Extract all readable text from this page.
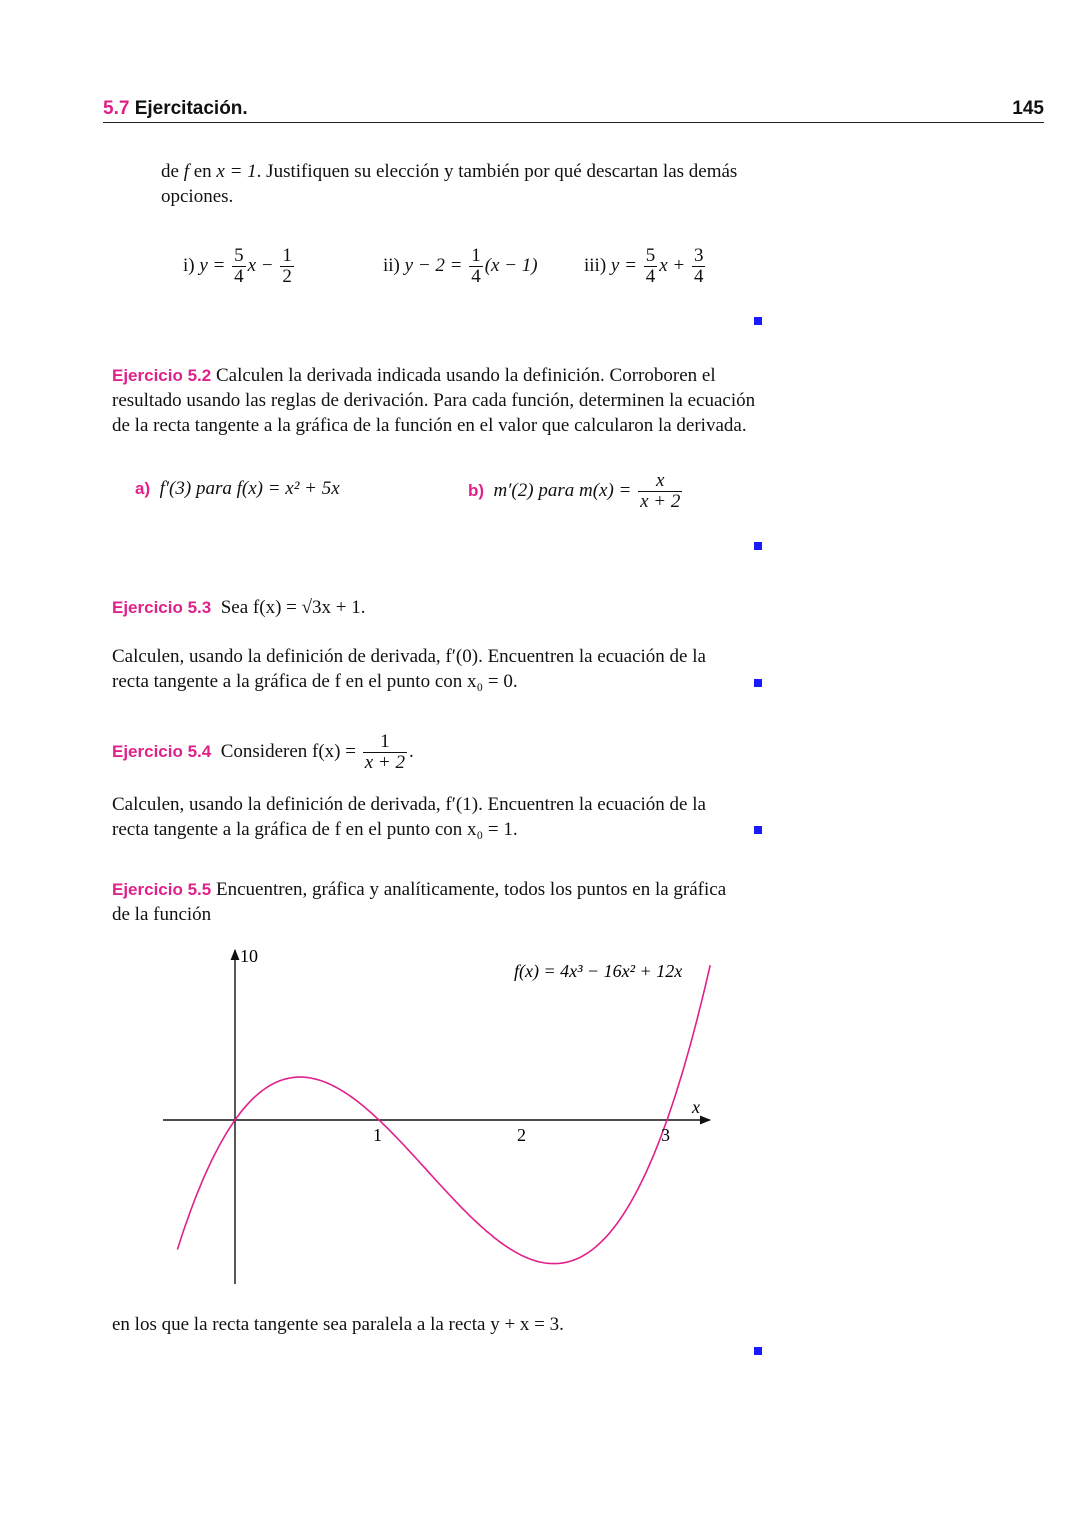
5.7 Ejercitación.	145
de f en x = 1. Justifiquen su elección y también por qué descartan las demás
opciones.
i) $y = \frac{5}{4}$ $x - \frac{1}{2}$	ii) $y - 2 = \frac{1}{4} (x - 1)$ iii) $y = \frac{5}{4}$ $x + \frac{3}{4}$
Ejercicio 5.2 Calculen la derivada indicada usando la definición. Corroboren el
resultado usando las reglas de derivación. Para cada función, determinen la ecuación
de la recta tangente a la gráfica de la función en el valor que calcularon la derivada.
a) f′(3) para f(x) = x² + 5x	b) m′(2) para $m(x) = \frac{x}{x + 2}$
Ejercicio 5.3 Sea f(x) = √3x + 1.
Calculen, usando la definición de derivada, f′(0). Encuentren la ecuación de la
recta tangente a la gráfica de f en el punto con x₀ = 0.
Ejercicio 5.4 Consideren $f(x) = \frac{1}{x + 2}$ .
Calculen, usando la definición de derivada, f′(1). Encuentren la ecuación de la
recta tangente a la gráfica de f en el punto con x₀ = 1.
Ejercicio 5.5 Encuentren, gráfica y analíticamente, todos los puntos en la gráfica
de la función
1	2	3
10
x
f(x) = 4x³ − 16x² + 12x
en los que la recta tangente sea paralela a la recta y + x = 3.
